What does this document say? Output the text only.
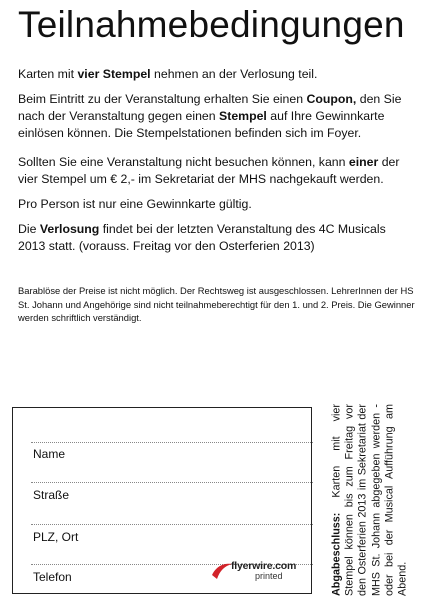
Teilnahmebedingungen

Karten mit vier Stempel nehmen an der Verlosung teil.

Beim Eintritt zu der Veranstaltung erhalten Sie einen Coupon, den Sie nach der Veranstaltung gegen einen Stempel auf Ihre Gewinnkarte einlösen können. Die Stempelstationen befinden sich im Foyer.

Sollten Sie eine Veranstaltung nicht besuchen können, kann einer der vier Stempel um € 2,- im Sekretariat der MHS nachgekauft werden.

Pro Person ist nur eine Gewinnkarte gültig.

Die Verlosung findet bei der letzten Veranstaltung des 4C Musicals 2013 statt. (vorauss. Freitag vor den Osterferien 2013)

Barablöse der Preise ist nicht möglich. Der Rechtsweg ist ausgeschlossen. LehrerInnen der HS St. Johann und Angehörige sind nicht teilnahmeberechtigt für den 1. und 2. Preis. Die Gewinner werden schriftlich verständigt.

Name
Straße
PLZ, Ort
Telefon
flyerwire.com
printed	Abgabeschluss: Karten mit vier Stempel können bis zum Freitag vor den Osterferien 2013 im Sekretariat der MHS St. Johann abgegeben werden - oder bei der Musical Aufführung am Abend.
